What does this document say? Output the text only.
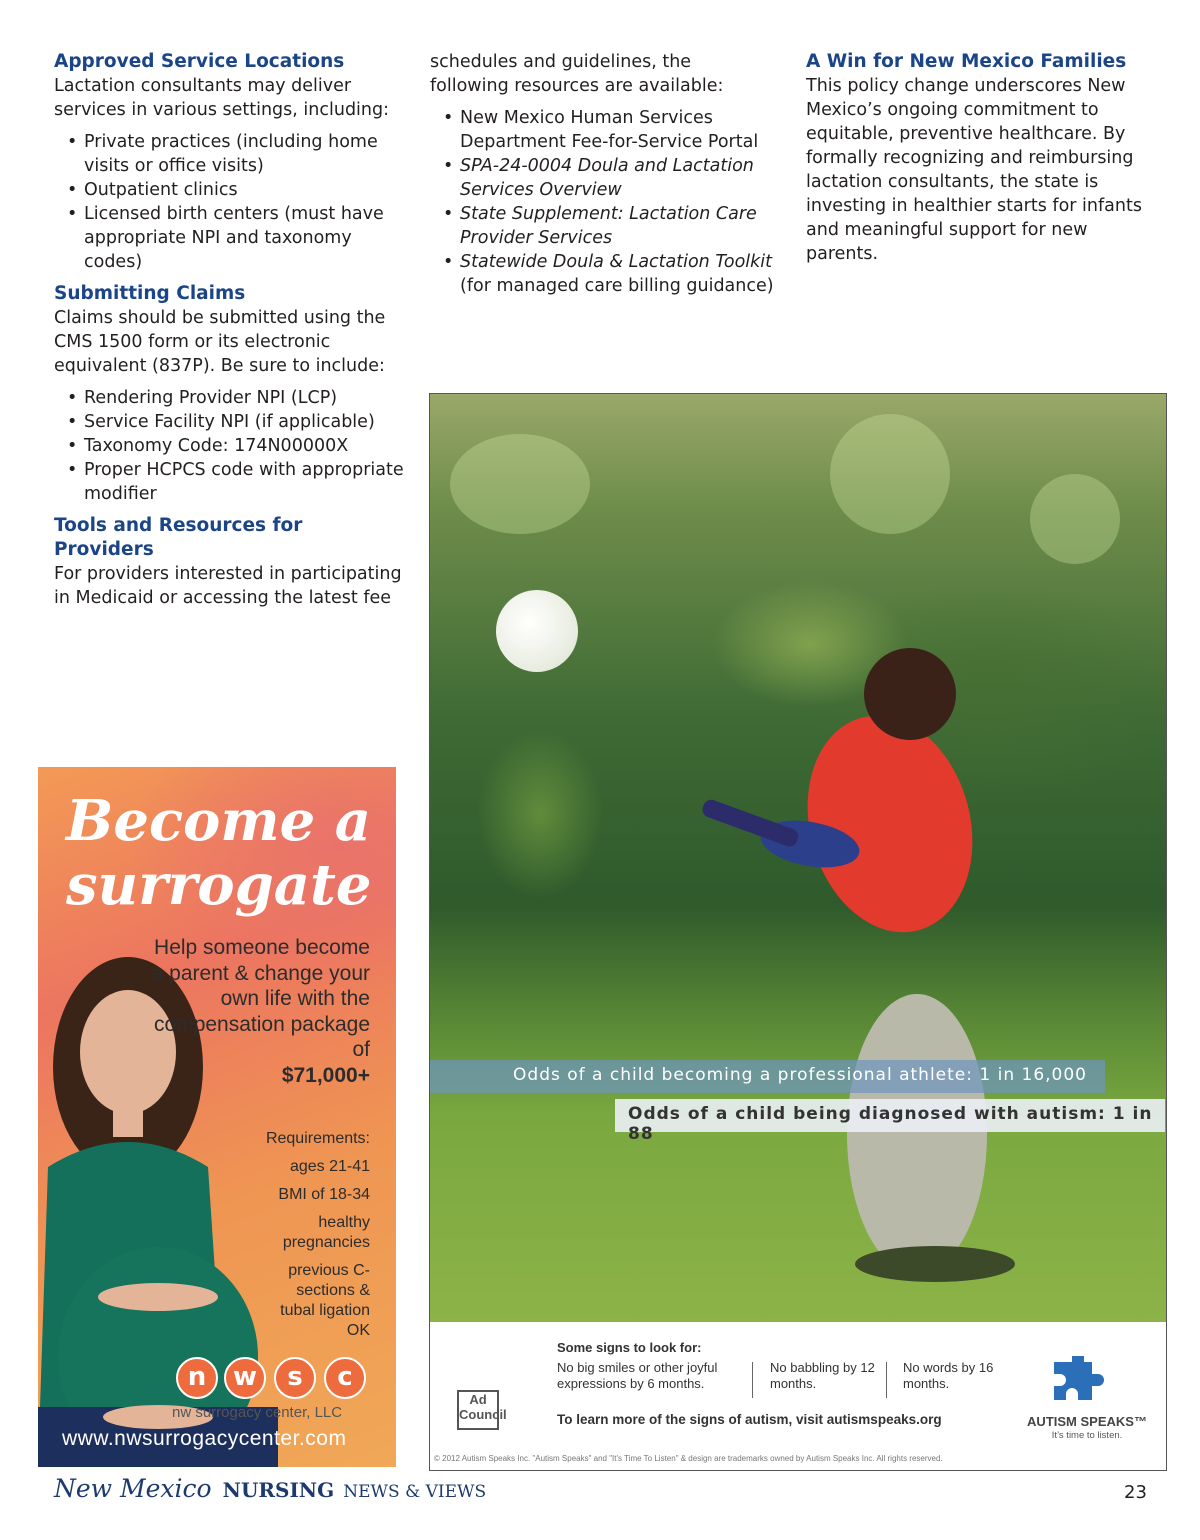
Approved Service Locations

Lactation consultants may deliver services in various settings, including:

• Private practices (including home visits or office visits)
• Outpatient clinics
• Licensed birth centers (must have appropriate NPI and taxonomy codes)
Submitting Claims

Claims should be submitted using the CMS 1500 form or its electronic equivalent (837P). Be sure to include:

• Rendering Provider NPI (LCP)
• Service Facility NPI (if applicable)
• Taxonomy Code: 174N00000X
• Proper HCPCS code with appropriate modifier
Tools and Resources for Providers

For providers interested in participating in Medicaid or accessing the latest fee

schedules and guidelines, the following resources are available:

• New Mexico Human Services Department Fee-for-Service Portal
• SPA-24-0004 Doula and Lactation Services Overview
• State Supplement: Lactation Care Provider Services
• Statewide Doula & Lactation Toolkit (for managed care billing guidance)
A Win for New Mexico Families

This policy change underscores New Mexico’s ongoing commitment to equitable, preventive healthcare. By formally recognizing and reimbursing lactation consultants, the state is investing in healthier starts for infants and meaningful support for new parents.

Odds of a child becoming a professional athlete: 1 in 16,000
Odds of a child being diagnosed with autism: 1 in 88
Ad Council
Some signs to look for:
No big smiles or other joyful expressions by 6 months.
No babbling by 12 months.
No words by 16 months.
To learn more of the signs of autism, visit autismspeaks.org	AUTISM SPEAKS™
It’s time to listen.
© 2012 Autism Speaks Inc. "Autism Speaks" and "It's Time To Listen" & design are trademarks owned by Autism Speaks Inc. All rights reserved.
Become a surrogate
Help someone become a parent & change your own life with the compensation package of
$71,000+
Requirements:
ages 21-41
BMI of 18-34
healthy pregnancies
previous C-sections & tubal ligation OK
n	w	s	c
nw surrogacy center, LLC
www.nwsurrogacycenter.com
New Mexico NURSING NEWS & VIEWS	23
